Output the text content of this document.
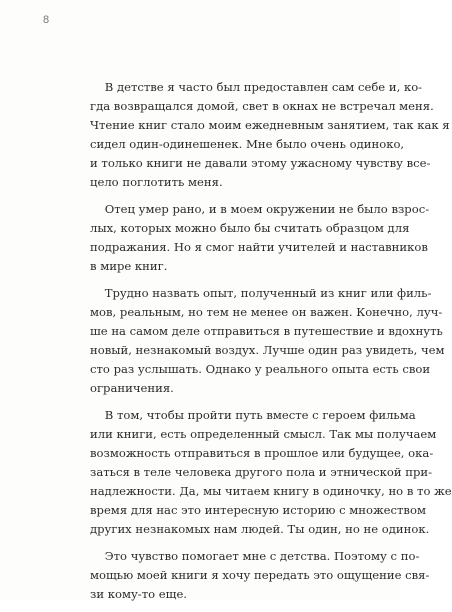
8
В детстве я часто был предоставлен сам себе и, ко-
гда возвращался домой, свет в окнах не встречал меня.
Чтение книг стало моим ежедневным занятием, так как я
сидел один-одинешенек. Мне было очень одиноко,
и только книги не давали этому ужасному чувству все-
цело поглотить меня.
Отец умер рано, и в моем окружении не было взрос-
лых, которых можно было бы считать образцом для
подражания. Но я смог найти учителей и наставников
в мире книг.
Трудно назвать опыт, полученный из книг или филь-
мов, реальным, но тем не менее он важен. Конечно, луч-
ше на самом деле отправиться в путешествие и вдохнуть
новый, незнакомый воздух. Лучше один раз увидеть, чем
сто раз услышать. Однако у реального опыта есть свои
ограничения.
В том, чтобы пройти путь вместе с героем фильма
или книги, есть определенный смысл. Так мы получаем
возможность отправиться в прошлое или будущее, ока-
заться в теле человека другого пола и этнической при-
надлежности. Да, мы читаем книгу в одиночку, но в то же
время для нас это интересную историю с множеством
других незнакомых нам людей. Ты один, но не одинок.
Это чувство помогает мне с детства. Поэтому с по-
мощью моей книги я хочу передать это ощущение свя-
зи кому-то еще.
